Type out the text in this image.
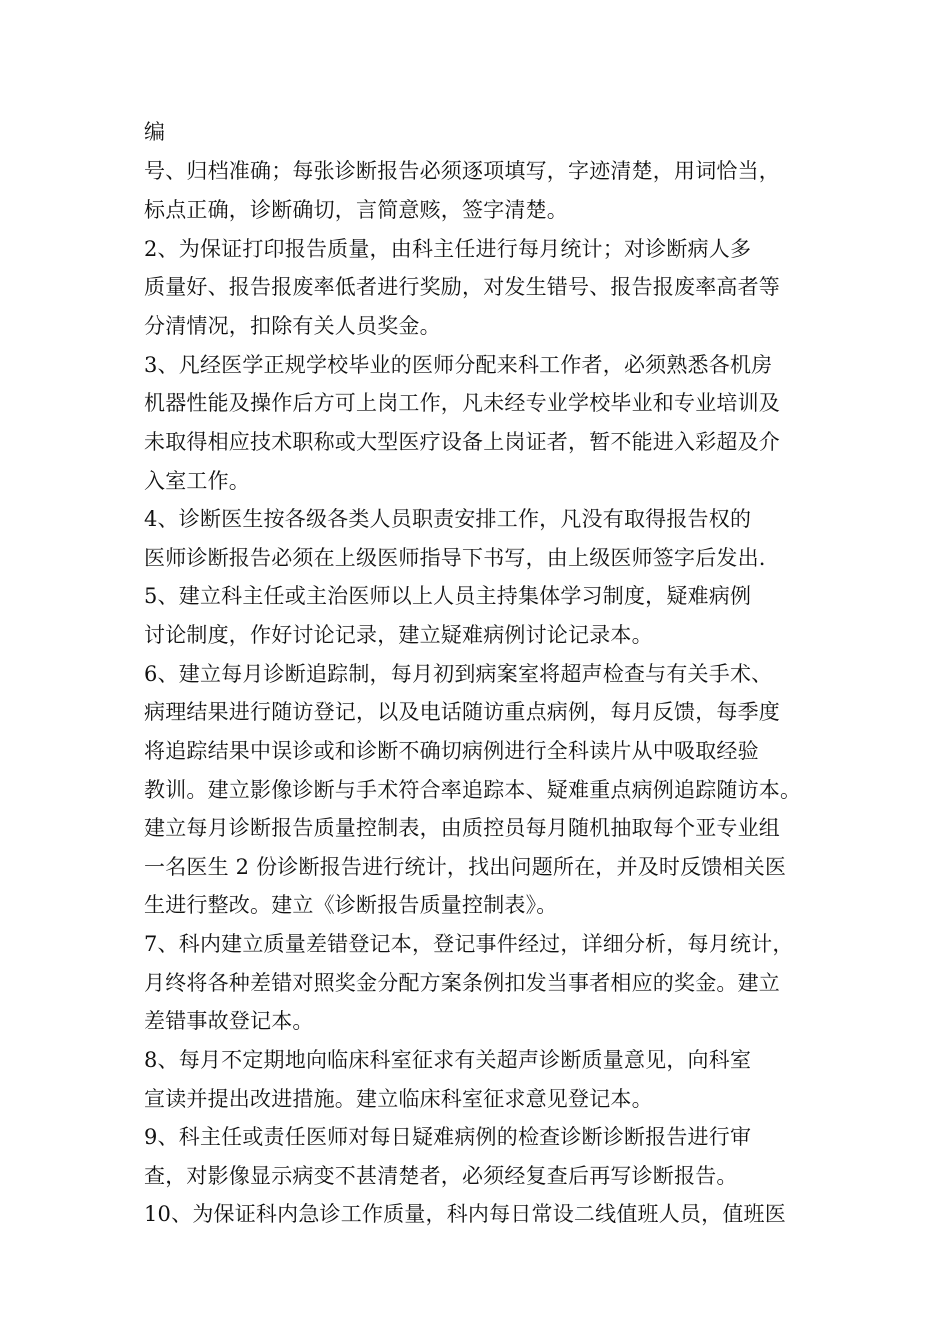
编
号、归档准确；每张诊断报告必须逐项填写，字迹清楚，用词恰当，
标点正确，诊断确切，言简意赅，签字清楚。
2、为保证打印报告质量，由科主任进行每月统计；对诊断病人多
质量好、报告报废率低者进行奖励，对发生错号、报告报废率高者等
分清情况，扣除有关人员奖金。
3、凡经医学正规学校毕业的医师分配来科工作者，必须熟悉各机房
机器性能及操作后方可上岗工作，凡未经专业学校毕业和专业培训及
未取得相应技术职称或大型医疗设备上岗证者，暂不能进入彩超及介
入室工作。
4、诊断医生按各级各类人员职责安排工作，凡没有取得报告权的
医师诊断报告必须在上级医师指导下书写，由上级医师签字后发出.
5、建立科主任或主治医师以上人员主持集体学习制度，疑难病例
讨论制度，作好讨论记录，建立疑难病例讨论记录本。
6、建立每月诊断追踪制，每月初到病案室将超声检查与有关手术、
病理结果进行随访登记，以及电话随访重点病例，每月反馈，每季度
将追踪结果中误诊或和诊断不确切病例进行全科读片从中吸取经验
教训。建立影像诊断与手术符合率追踪本、疑难重点病例追踪随访本。
建立每月诊断报告质量控制表，由质控员每月随机抽取每个亚专业组
一名医生 2 份诊断报告进行统计，找出问题所在，并及时反馈相关医
生进行整改。建立《诊断报告质量控制表》。
7、科内建立质量差错登记本，登记事件经过，详细分析，每月统计，
月终将各种差错对照奖金分配方案条例扣发当事者相应的奖金。建立
差错事故登记本。
8、每月不定期地向临床科室征求有关超声诊断质量意见，向科室
宣读并提出改进措施。建立临床科室征求意见登记本。
9、科主任或责任医师对每日疑难病例的检查诊断诊断报告进行审
查，对影像显示病变不甚清楚者，必须经复查后再写诊断报告。
10、为保证科内急诊工作质量，科内每日常设二线值班人员，值班医
